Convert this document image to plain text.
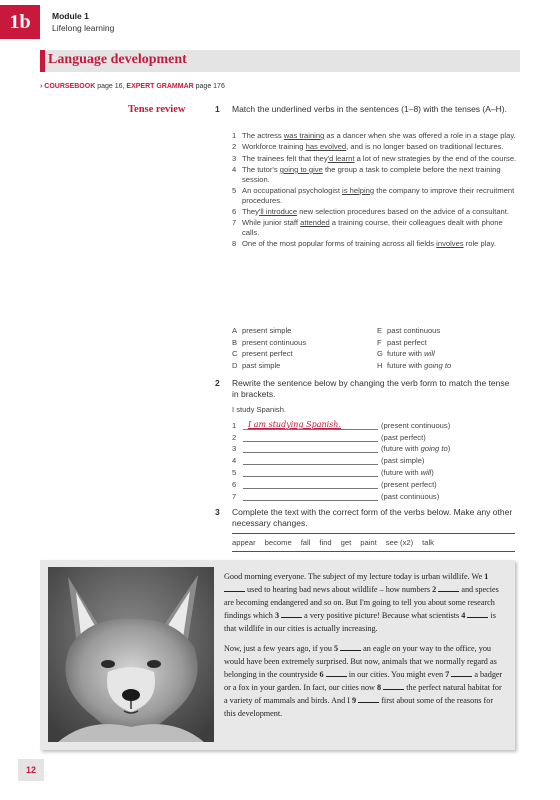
1b	Module 1
Lifelong learning
Language development
› COURSEBOOK page 16, EXPERT GRAMMAR page 176
Tense review	1 Match the underlined verbs in the sentences (1–8) with the tenses (A–H).
1 The actress was training as a dancer when she was offered a role in a stage play.
2 Workforce training has evolved, and is no longer based on traditional lectures.
3 The trainees felt that they'd learnt a lot of new strategies by the end of the course.
4 The tutor's going to give the group a task to complete before the next training session.
5 An occupational psychologist is helping the company to improve their recruitment procedures.
6 They'll introduce new selection procedures based on the advice of a consultant.
7 While junior staff attended a training course, their colleagues dealt with phone calls.
8 One of the most popular forms of training across all fields involves role play.
A present simple
B present continuous
C present perfect
D past simple
E past continuous
F past perfect
G future with will
H future with going to
2 Rewrite the sentence below by changing the verb form to match the tense in brackets.
I study Spanish.
1	I am studying Spanish.	(present continuous)
2	(past perfect)
3	(future with going to)
4	(past simple)
5	(future with will)
6	(present perfect)
7	(past continuous)
3 Complete the text with the correct form of the verbs below. Make any other necessary changes.
appear become fall find get paint see (x2) talk

Good morning everyone. The subject of my lecture today is urban wildlife. We 1  used to hearing bad news about wildlife – how numbers 2	and species are becoming endangered and so on. But I'm going to tell you about some research findings which 3	a very positive picture! Because what scientists 4	is that wildlife in our cities is actually increasing.

Now, just a few years ago, if you 5	an eagle on your way to the office, you would have been extremely surprised. But now, animals that we normally regard as belonging in the countryside 6	in our cities. You might even 7	a badger or a fox in your garden. In fact, our cities now 8	the perfect natural habitat for a variety of mammals and birds. And I 9	first about some of the reasons for this development.

12
